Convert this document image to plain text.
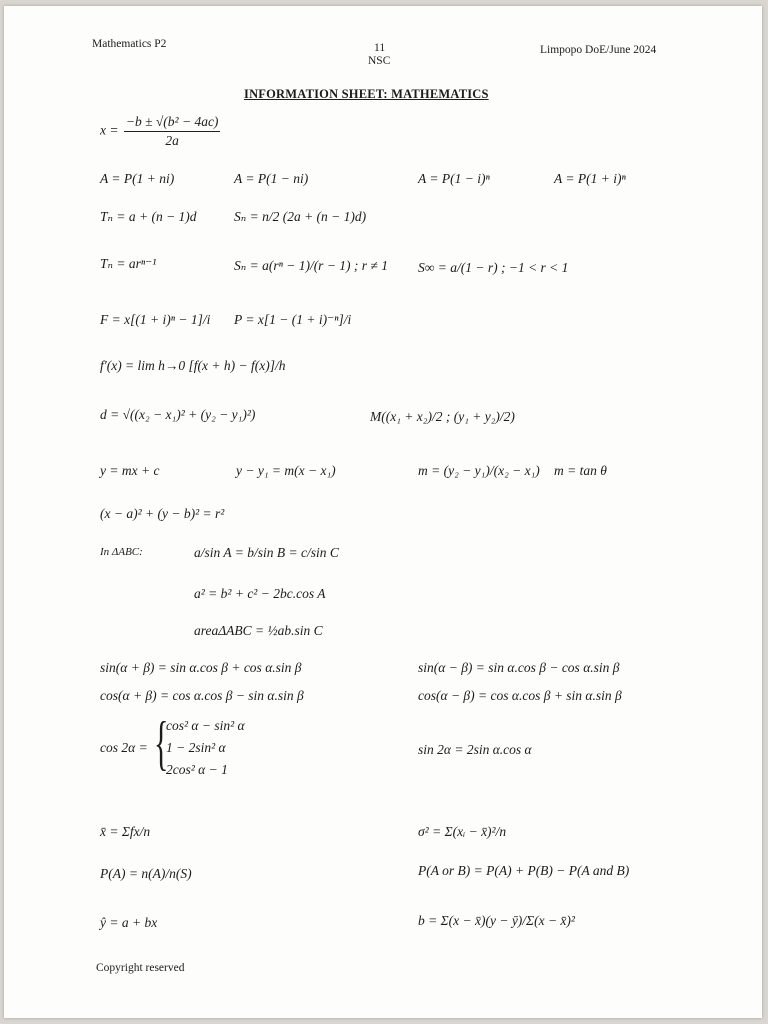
Mathematics P2	11
NSC
Limpopo DoE/June 2024
INFORMATION SHEET: MATHEMATICS
$x = \frac{\text{−b ± √(b² − 4ac)}}{2a}$
A = P(1 + ni)	A = P(1 − ni)	A = P(1 − i)ⁿ	A = P(1 + i)ⁿ
Tₙ = a + (n − 1)d	Sₙ = n/2 (2a + (n − 1)d)
Tₙ = arⁿ⁻¹	Sₙ = a(rⁿ − 1)/(r − 1) ; r ≠ 1 S∞ = a/(1 − r) ; −1 < r < 1
F = x[(1 + i)ⁿ − 1]/i P = x[1 − (1 + i)⁻ⁿ]/i
f′(x) = lim h→0 [f(x + h) − f(x)]/h
d = √((x₂ − x₁)² + (y₂ − y₁)²)	M((x₁ + x₂)/2 ; (y₁ + y₂)/2)
y = mx + c	y − y₁ = m(x − x₁)	m = (y₂ − y₁)/(x₂ − x₁) m = tan θ
(x − a)² + (y − b)² = r²
In ΔABC:	a/sin A = b/sin B = c/sin C
a² = b² + c² − 2bc.cos A
areaΔABC = ½ab.sin C
sin(α + β) = sin α.cos β + cos α.sin β	sin(α − β) = sin α.cos β − cos α.sin β
cos(α + β) = cos α.cos β − sin α.sin β	cos(α − β) = cos α.cos β + sin α.sin β
cos 2α = {
cos² α − sin² α
1 − 2sin² α
2cos² α − 1
sin 2α = 2sin α.cos α
x̄ = Σfx/n	σ² = Σ(xᵢ − x̄)²/n
P(A) = n(A)/n(S)	P(A or B) = P(A) + P(B) − P(A and B)
ŷ = a + bx	b = Σ(x − x̄)(y − ȳ)/Σ(x − x̄)²
Copyright reserved
